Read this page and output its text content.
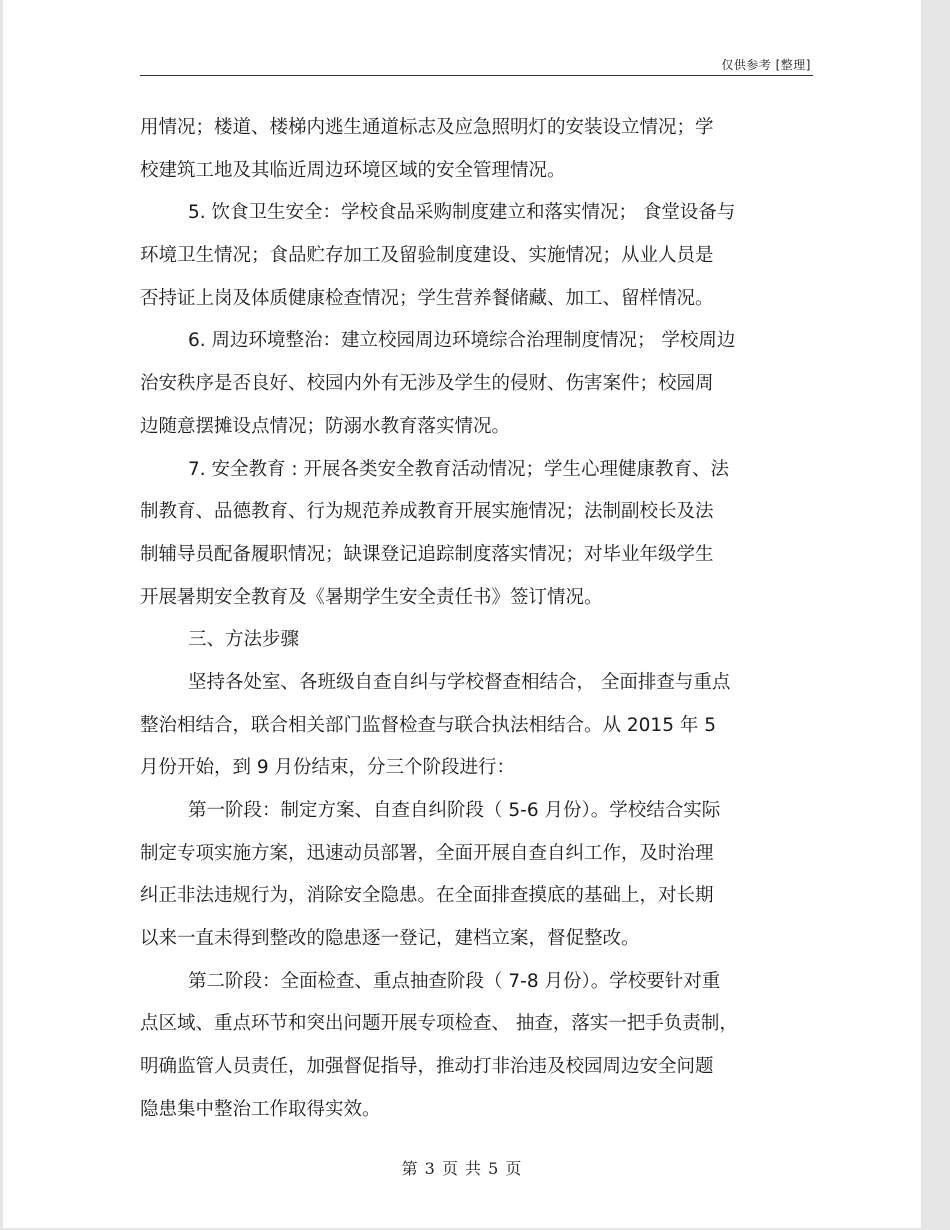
仅供参考 [整理]
用情况；楼道、楼梯内逃生通道标志及应急照明灯的安装设立情况；学
校建筑工地及其临近周边环境区域的安全管理情况。
5. 饮食卫生安全：学校食品采购制度建立和落实情况； 食堂设备与
环境卫生情况；食品贮存加工及留验制度建设、实施情况；从业人员是
否持证上岗及体质健康检查情况；学生营养餐储藏、加工、留样情况。
6. 周边环境整治：建立校园周边环境综合治理制度情况； 学校周边
治安秩序是否良好、校园内外有无涉及学生的侵财、伤害案件；校园周
边随意摆摊设点情况；防溺水教育落实情况。
7. 安全教育 : 开展各类安全教育活动情况；学生心理健康教育、法
制教育、品德教育、行为规范养成教育开展实施情况；法制副校长及法
制辅导员配备履职情况；缺课登记追踪制度落实情况；对毕业年级学生
开展暑期安全教育及《暑期学生安全责任书》签订情况。
三、方法步骤
坚持各处室、各班级自查自纠与学校督查相结合， 全面排查与重点
整治相结合，联合相关部门监督检查与联合执法相结合。从 2015 年 5
月份开始，到 9 月份结束，分三个阶段进行：
第一阶段：制定方案、自查自纠阶段（ 5-6 月份）。学校结合实际
制定专项实施方案，迅速动员部署，全面开展自查自纠工作，及时治理
纠正非法违规行为，消除安全隐患。在全面排查摸底的基础上，对长期
以来一直未得到整改的隐患逐一登记，建档立案，督促整改。
第二阶段：全面检查、重点抽查阶段（ 7-8 月份）。学校要针对重
点区域、重点环节和突出问题开展专项检查、 抽查，落实一把手负责制，
明确监管人员责任，加强督促指导，推动打非治违及校园周边安全问题
隐患集中整治工作取得实效。
第 3 页 共 5 页
